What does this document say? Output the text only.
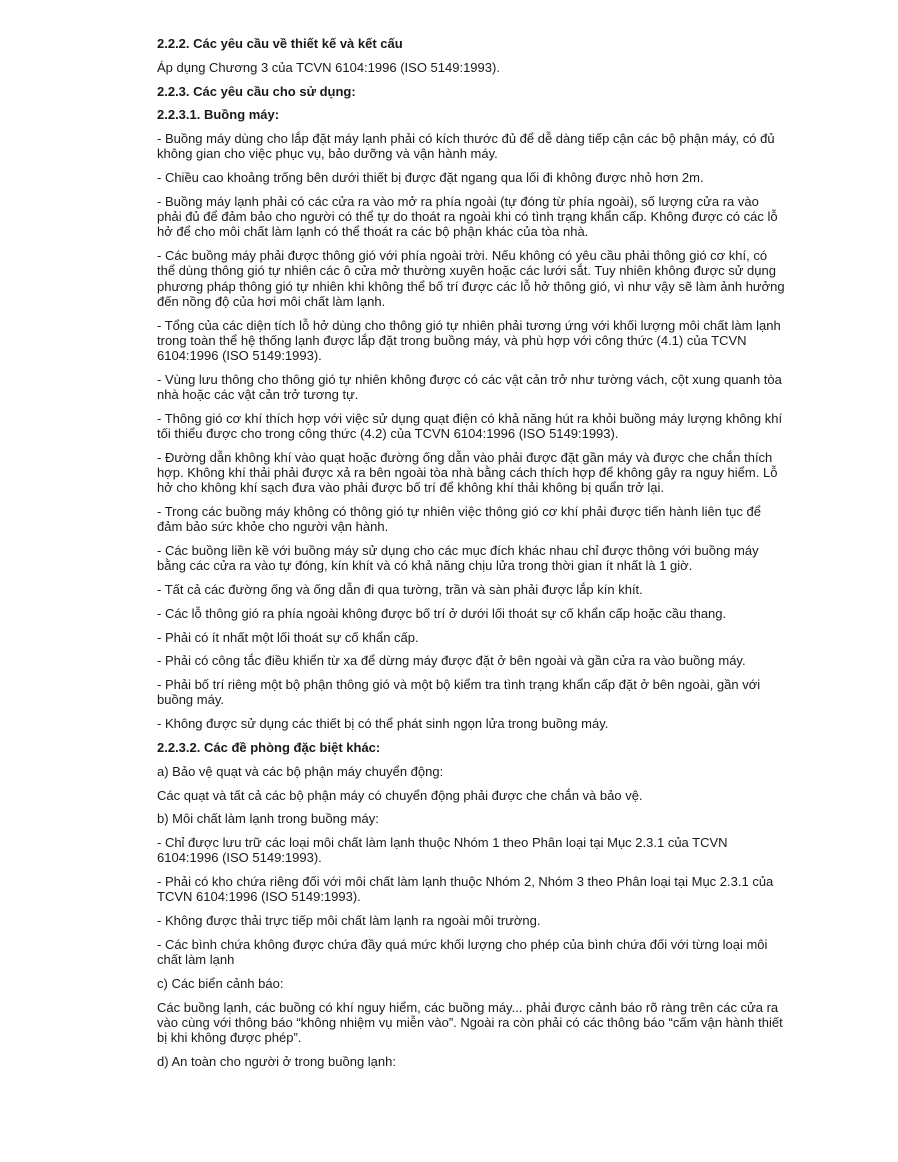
2.2.2. Các yêu cầu về thiết kế và kết cấu

Áp dụng Chương 3 của TCVN 6104:1996 (ISO 5149:1993).

2.2.3. Các yêu cầu cho sử dụng:

2.2.3.1. Buồng máy:

- Buồng máy dùng cho lắp đặt máy lạnh phải có kích thước đủ để dễ dàng tiếp cận các bộ phận máy, có đủ không gian cho việc phục vụ, bảo dưỡng và vận hành máy.

- Chiều cao khoảng trống bên dưới thiết bị được đặt ngang qua lối đi không được nhỏ hơn 2m.

- Buồng máy lạnh phải có các cửa ra vào mở ra phía ngoài (tự đóng từ phía ngoài), số lượng cửa ra vào phải đủ để đảm bảo cho người có thể tự do thoát ra ngoài khi có tình trạng khẩn cấp. Không được có các lỗ hở để cho môi chất làm lạnh có thể thoát ra các bộ phận khác của tòa nhà.

- Các buồng máy phải được thông gió với phía ngoài trời. Nếu không có yêu cầu phải thông gió cơ khí, có thể dùng thông gió tự nhiên các ô cửa mở thường xuyên hoặc các lưới sắt. Tuy nhiên không được sử dụng phương pháp thông gió tự nhiên khi không thể bố trí được các lỗ hở thông gió, vì như vậy sẽ làm ảnh hưởng đến nồng độ của hơi môi chất làm lạnh.

- Tổng của các diện tích lỗ hở dùng cho thông gió tự nhiên phải tương ứng với khối lượng môi chất làm lạnh trong toàn thể hệ thống lạnh được lắp đặt trong buồng máy, và phù hợp với công thức (4.1) của TCVN 6104:1996 (ISO 5149:1993).

- Vùng lưu thông cho thông gió tự nhiên không được có các vật cản trở như tường vách, cột xung quanh tòa nhà hoặc các vật cản trở tương tự.

- Thông gió cơ khí thích hợp với việc sử dụng quạt điện có khả năng hút ra khỏi buồng máy lượng không khí tối thiểu được cho trong công thức (4.2) của TCVN 6104:1996 (ISO 5149:1993).

- Đường dẫn không khí vào quạt hoặc đường ống dẫn vào phải được đặt gần máy và được che chắn thích hợp. Không khí thải phải được xả ra bên ngoài tòa nhà bằng cách thích hợp để không gây ra nguy hiểm. Lỗ hở cho không khí sạch đưa vào phải được bố trí để không khí thải không bị quẩn trở lại.

- Trong các buồng máy không có thông gió tự nhiên việc thông gió cơ khí phải được tiến hành liên tục để đảm bảo sức khỏe cho người vận hành.

- Các buồng liền kề với buồng máy sử dụng cho các mục đích khác nhau chỉ được thông với buồng máy bằng các cửa ra vào tự đóng, kín khít và có khả năng chịu lửa trong thời gian ít nhất là 1 giờ.

- Tất cả các đường ống và ống dẫn đi qua tường, trần và sàn phải được lắp kín khít.

- Các lỗ thông gió ra phía ngoài không được bố trí ở dưới lối thoát sự cố khẩn cấp hoặc cầu thang.

- Phải có ít nhất một lối thoát sự cố khẩn cấp.

- Phải có công tắc điều khiển từ xa để dừng máy được đặt ở bên ngoài và gần cửa ra vào buồng máy.

- Phải bố trí riêng một bộ phận thông gió và một bộ kiểm tra tình trạng khẩn cấp đặt ở bên ngoài, gần với buồng máy.

- Không được sử dụng các thiết bị có thể phát sinh ngọn lửa trong buồng máy.

2.2.3.2. Các đề phòng đặc biệt khác:

a) Bảo vệ quạt và các bộ phận máy chuyển động:

Các quạt và tất cả các bộ phận máy có chuyển động phải được che chắn và bảo vệ.

b) Môi chất làm lạnh trong buồng máy:

- Chỉ được lưu trữ các loại môi chất làm lạnh thuộc Nhóm 1 theo Phân loại tại Mục 2.3.1 của TCVN 6104:1996 (ISO 5149:1993).

- Phải có kho chứa riêng đối với môi chất làm lạnh thuộc Nhóm 2, Nhóm 3 theo Phân loại tại Mục 2.3.1 của TCVN 6104:1996 (ISO 5149:1993).

- Không được thải trực tiếp môi chất làm lạnh ra ngoài môi trường.

- Các bình chứa không được chứa đầy quá mức khối lượng cho phép của bình chứa đối với từng loại môi chất làm lạnh

c) Các biển cảnh báo:

Các buồng lạnh, các buồng có khí nguy hiểm, các buồng máy... phải được cảnh báo rõ ràng trên các cửa ra vào cùng với thông báo “không nhiệm vụ miễn vào”. Ngoài ra còn phải có các thông báo “cấm vận hành thiết bị khi không được phép”.

d) An toàn cho người ở trong buồng lạnh:
